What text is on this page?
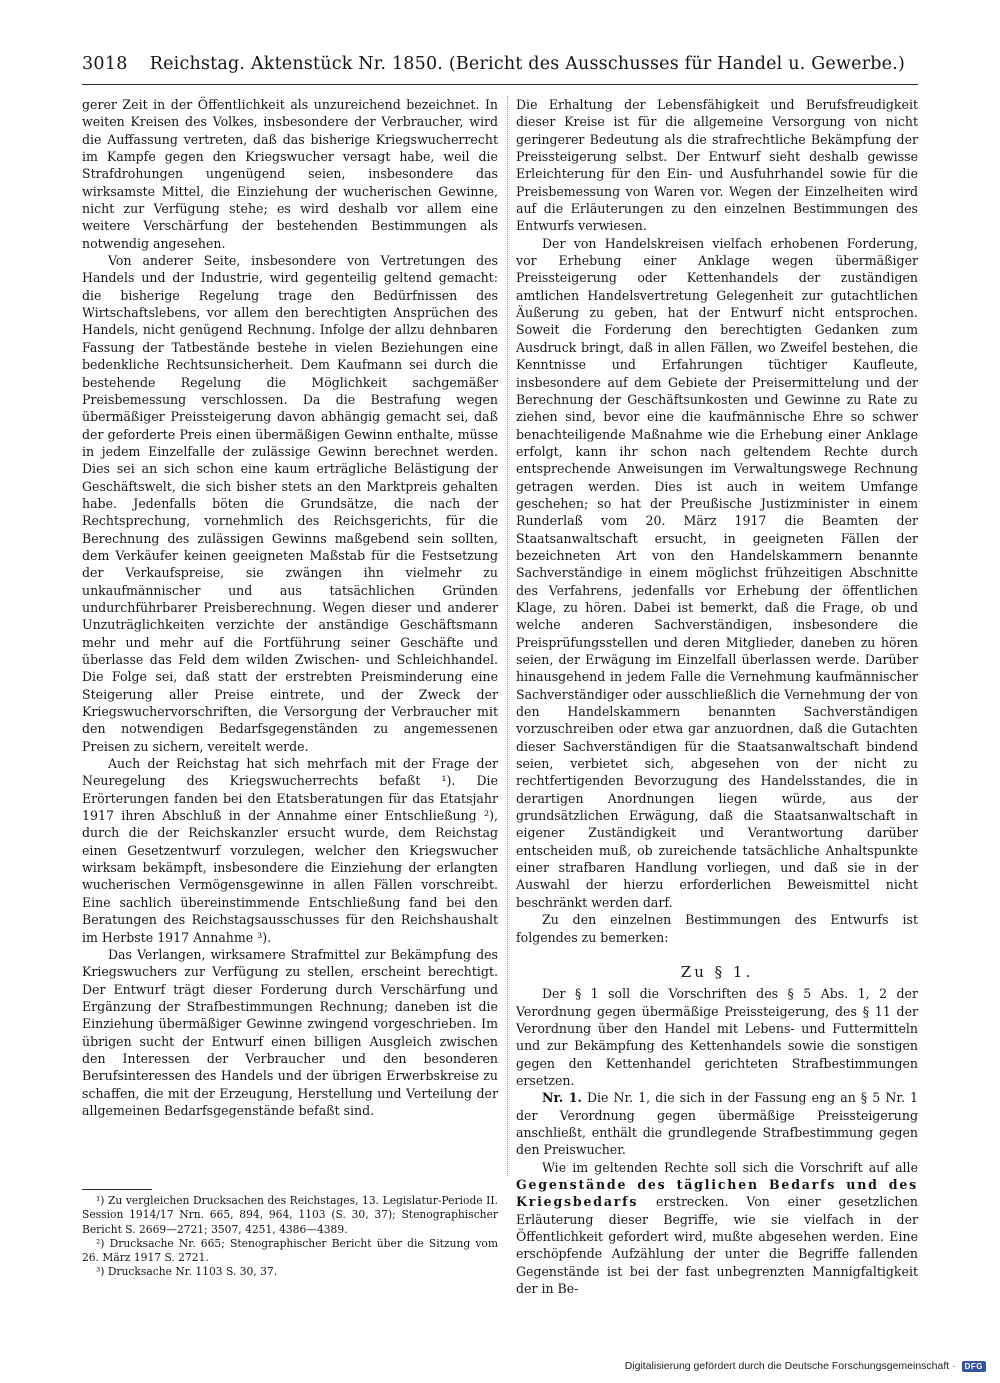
3018 Reichstag. Aktenstück Nr. 1850. (Bericht des Ausschusses für Handel u. Gewerbe.)

gerer Zeit in der Öffentlichkeit als unzureichend bezeichnet. In weiten Kreisen des Volkes, insbesondere der Verbraucher, wird die Auffassung vertreten, daß das bisherige Kriegswucherrecht im Kampfe gegen den Kriegswucher versagt habe, weil die Strafdrohungen ungenügend seien, insbesondere das wirksamste Mittel, die Einziehung der wucherischen Gewinne, nicht zur Verfügung stehe; es wird deshalb vor allem eine weitere Verschärfung der bestehenden Bestimmungen als notwendig angesehen.

Von anderer Seite, insbesondere von Vertretungen des Handels und der Industrie, wird gegenteilig geltend gemacht: die bisherige Regelung trage den Bedürfnissen des Wirtschaftslebens, vor allem den berechtigten Ansprüchen des Handels, nicht genügend Rechnung. Infolge der allzu dehnbaren Fassung der Tatbestände bestehe in vielen Beziehungen eine bedenkliche Rechtsunsicherheit. Dem Kaufmann sei durch die bestehende Regelung die Möglichkeit sachgemäßer Preisbemessung verschlossen. Da die Bestrafung wegen übermäßiger Preissteigerung davon abhängig gemacht sei, daß der geforderte Preis einen übermäßigen Gewinn enthalte, müsse in jedem Einzelfalle der zulässige Gewinn berechnet werden. Dies sei an sich schon eine kaum erträgliche Belästigung der Geschäftswelt, die sich bisher stets an den Marktpreis gehalten habe. Jedenfalls böten die Grundsätze, die nach der Rechtsprechung, vornehmlich des Reichsgerichts, für die Berechnung des zulässigen Gewinns maßgebend sein sollten, dem Verkäufer keinen geeigneten Maßstab für die Festsetzung der Verkaufspreise, sie zwängen ihn vielmehr zu unkaufmännischer und aus tatsächlichen Gründen undurchführbarer Preisberechnung. Wegen dieser und anderer Unzuträglichkeiten verzichte der anständige Geschäftsmann mehr und mehr auf die Fortführung seiner Geschäfte und überlasse das Feld dem wilden Zwischen- und Schleichhandel. Die Folge sei, daß statt der erstrebten Preisminderung eine Steigerung aller Preise eintrete, und der Zweck der Kriegswuchervorschriften, die Versorgung der Verbraucher mit den notwendigen Bedarfsgegenständen zu angemessenen Preisen zu sichern, vereitelt werde.

Auch der Reichstag hat sich mehrfach mit der Frage der Neuregelung des Kriegswucherrechts befaßt ¹). Die Erörterungen fanden bei den Etatsberatungen für das Etatsjahr 1917 ihren Abschluß in der Annahme einer Entschließung ²), durch die der Reichskanzler ersucht wurde, dem Reichstag einen Gesetzentwurf vorzulegen, welcher den Kriegswucher wirksam bekämpft, insbesondere die Einziehung der erlangten wucherischen Vermögensgewinne in allen Fällen vorschreibt. Eine sachlich übereinstimmende Entschließung fand bei den Beratungen des Reichstagsausschusses für den Reichshaushalt im Herbste 1917 Annahme ³).

Das Verlangen, wirksamere Strafmittel zur Bekämpfung des Kriegswuchers zur Verfügung zu stellen, erscheint berechtigt. Der Entwurf trägt dieser Forderung durch Verschärfung und Ergänzung der Strafbestimmungen Rechnung; daneben ist die Einziehung übermäßiger Gewinne zwingend vorgeschrieben. Im übrigen sucht der Entwurf einen billigen Ausgleich zwischen den Interessen der Verbraucher und den besonderen Berufsinteressen des Handels und der übrigen Erwerbskreise zu schaffen, die mit der Erzeugung, Herstellung und Verteilung der allgemeinen Bedarfsgegenstände befaßt sind.

¹) Zu vergleichen Drucksachen des Reichstages, 13. Legislatur-Periode II. Session 1914/17 Nrn. 665, 894, 964, 1103 (S. 30, 37); Stenographischer Bericht S. 2669—2721; 3507, 4251, 4386—4389.

²) Drucksache Nr. 665; Stenographischer Bericht über die Sitzung vom 26. März 1917 S. 2721.

³) Drucksache Nr. 1103 S. 30, 37.

Die Erhaltung der Lebensfähigkeit und Berufsfreudigkeit dieser Kreise ist für die allgemeine Versorgung von nicht geringerer Bedeutung als die strafrechtliche Bekämpfung der Preissteigerung selbst. Der Entwurf sieht deshalb gewisse Erleichterung für den Ein- und Ausfuhrhandel sowie für die Preisbemessung von Waren vor. Wegen der Einzelheiten wird auf die Erläuterungen zu den einzelnen Bestimmungen des Entwurfs verwiesen.

Der von Handelskreisen vielfach erhobenen Forderung, vor Erhebung einer Anklage wegen übermäßiger Preissteigerung oder Kettenhandels der zuständigen amtlichen Handelsvertretung Gelegenheit zur gutachtlichen Äußerung zu geben, hat der Entwurf nicht entsprochen. Soweit die Forderung den berechtigten Gedanken zum Ausdruck bringt, daß in allen Fällen, wo Zweifel bestehen, die Kenntnisse und Erfahrungen tüchtiger Kaufleute, insbesondere auf dem Gebiete der Preisermittelung und der Berechnung der Geschäftsunkosten und Gewinne zu Rate zu ziehen sind, bevor eine die kaufmännische Ehre so schwer benachteiligende Maßnahme wie die Erhebung einer Anklage erfolgt, kann ihr schon nach geltendem Rechte durch entsprechende Anweisungen im Verwaltungswege Rechnung getragen werden. Dies ist auch in weitem Umfange geschehen; so hat der Preußische Justizminister in einem Runderlaß vom 20. März 1917 die Beamten der Staatsanwaltschaft ersucht, in geeigneten Fällen der bezeichneten Art von den Handelskammern benannte Sachverständige in einem möglichst frühzeitigen Abschnitte des Verfahrens, jedenfalls vor Erhebung der öffentlichen Klage, zu hören. Dabei ist bemerkt, daß die Frage, ob und welche anderen Sachverständigen, insbesondere die Preisprüfungsstellen und deren Mitglieder, daneben zu hören seien, der Erwägung im Einzelfall überlassen werde. Darüber hinausgehend in jedem Falle die Vernehmung kaufmännischer Sachverständiger oder ausschließlich die Vernehmung der von den Handelskammern benannten Sachverständigen vorzuschreiben oder etwa gar anzuordnen, daß die Gutachten dieser Sachverständigen für die Staatsanwaltschaft bindend seien, verbietet sich, abgesehen von der nicht zu rechtfertigenden Bevorzugung des Handelsstandes, die in derartigen Anordnungen liegen würde, aus der grundsätzlichen Erwägung, daß die Staatsanwaltschaft in eigener Zuständigkeit und Verantwortung darüber entscheiden muß, ob zureichende tatsächliche Anhaltspunkte einer strafbaren Handlung vorliegen, und daß sie in der Auswahl der hierzu erforderlichen Beweismittel nicht beschränkt werden darf.

Zu den einzelnen Bestimmungen des Entwurfs ist folgendes zu bemerken:

Zu § 1.

Der § 1 soll die Vorschriften des § 5 Abs. 1, 2 der Verordnung gegen übermäßige Preissteigerung, des § 11 der Verordnung über den Handel mit Lebens- und Futtermitteln und zur Bekämpfung des Kettenhandels sowie die sonstigen gegen den Kettenhandel gerichteten Strafbestimmungen ersetzen.

Nr. 1. Die Nr. 1, die sich in der Fassung eng an § 5 Nr. 1 der Verordnung gegen übermäßige Preissteigerung anschließt, enthält die grundlegende Strafbestimmung gegen den Preiswucher.

Wie im geltenden Rechte soll sich die Vorschrift auf alle Gegenstände des täglichen Bedarfs und des Kriegsbedarfs erstrecken. Von einer gesetzlichen Erläuterung dieser Begriffe, wie sie vielfach in der Öffentlichkeit gefordert wird, mußte abgesehen werden. Eine erschöpfende Aufzählung der unter die Begriffe fallenden Gegenstände ist bei der fast unbegrenzten Mannigfaltigkeit der in Be-

Digitalisierung gefördert durch die Deutsche Forschungsgemeinschaft ·	DFG
